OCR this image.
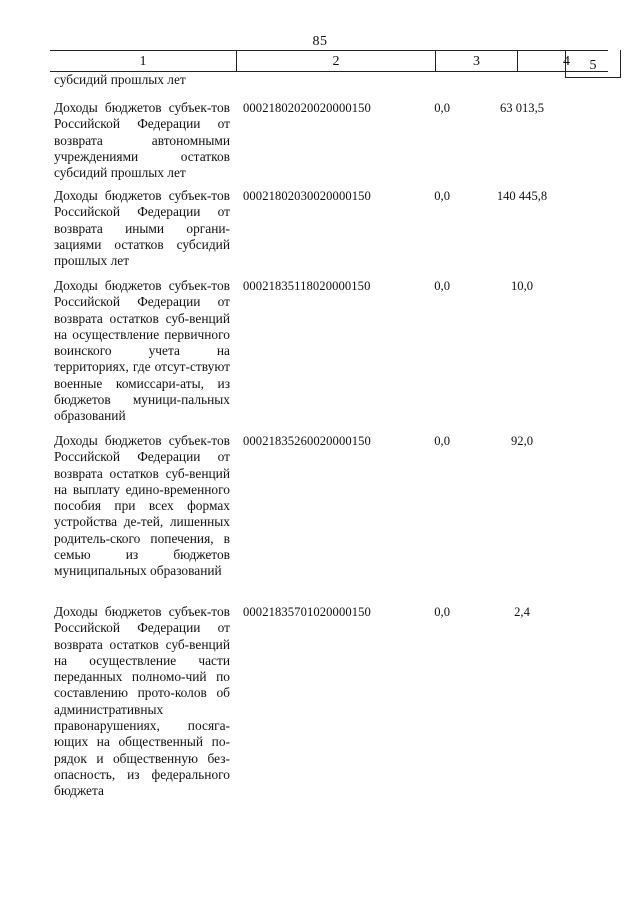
85
1	2	3	4	5
субсидий прошлых лет
Доходы бюджетов субъек-тов Российской Федерации от возврата автономными учреждениями остатков субсидий прошлых лет
00021802020020000150	0,0	63 013,5
Доходы бюджетов субъек-тов Российской Федерации от возврата иными органи-зациями остатков субсидий прошлых лет
00021802030020000150	0,0	140 445,8
Доходы бюджетов субъек-тов Российской Федерации от возврата остатков суб-венций на осуществление первичного воинского учета на территориях, где отсут-ствуют военные комиссари-аты, из бюджетов муници-пальных образований
00021835118020000150	0,0	10,0
Доходы бюджетов субъек-тов Российской Федерации от возврата остатков суб-венций на выплату едино-временного пособия при всех формах устройства де-тей, лишенных родитель-ского попечения, в семью из бюджетов муниципальных образований
00021835260020000150	0,0	92,0
Доходы бюджетов субъек-тов Российской Федерации от возврата остатков суб-венций на осуществление части переданных полномо-чий по составлению прото-колов об административных правонарушениях, посяга-ющих на общественный по-рядок и общественную без-опасность, из федерального бюджета
00021835701020000150	0,0	2,4
